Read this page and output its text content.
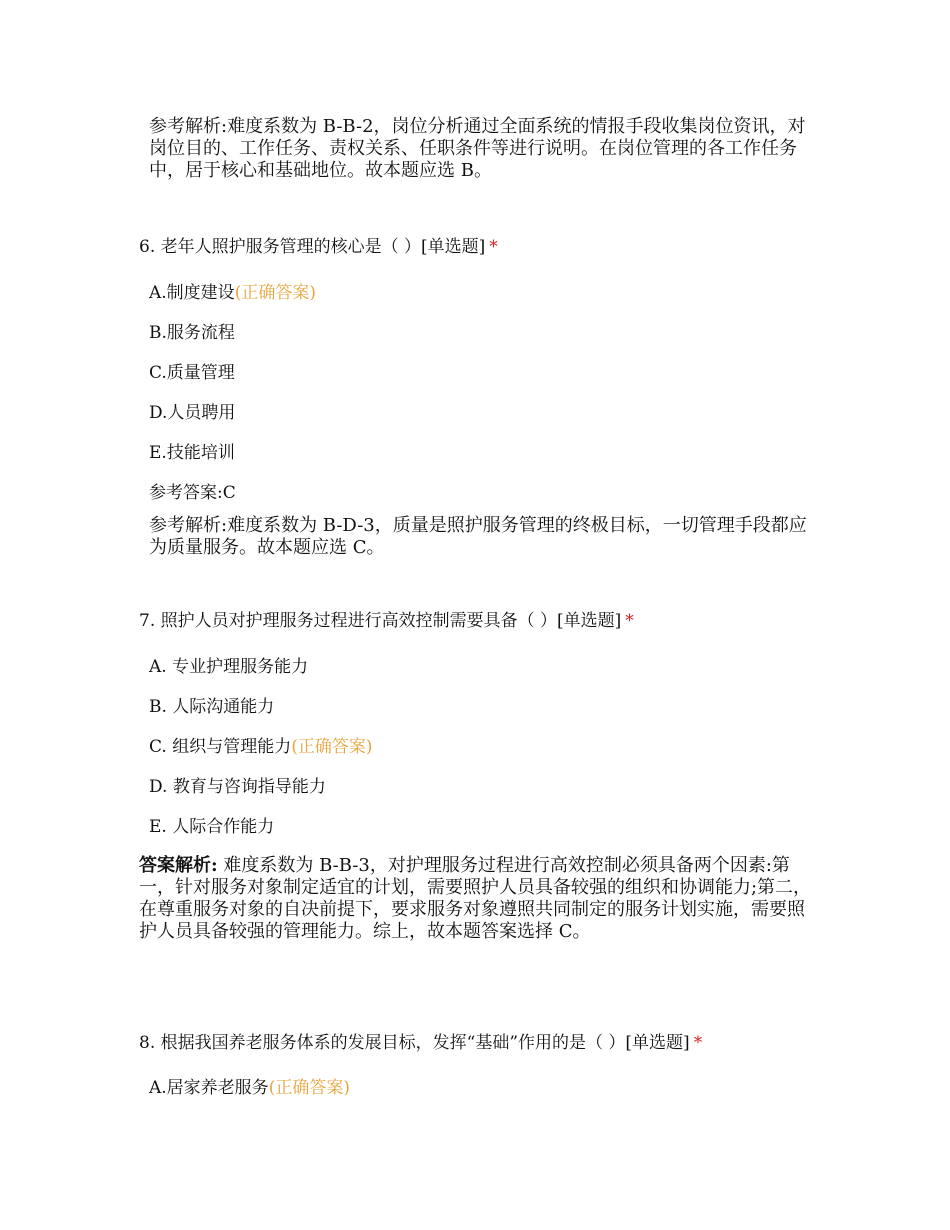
参考解析:难度系数为 B-B-2，岗位分析通过全面系统的情报手段收集岗位资讯，对岗位目的、工作任务、责权关系、任职条件等进行说明。在岗位管理的各工作任务中，居于核心和基础地位。故本题应选 B。
6. 老年人照护服务管理的核心是（ ）[单选题] *
A.制度建设(正确答案)
B.服务流程
C.质量管理
D.人员聘用
E.技能培训
参考答案:C
参考解析:难度系数为 B-D-3，质量是照护服务管理的终极目标，一切管理手段都应为质量服务。故本题应选 C。
7. 照护人员对护理服务过程进行高效控制需要具备（ ）[单选题] *
A. 专业护理服务能力
B. 人际沟通能力
C. 组织与管理能力(正确答案)
D. 教育与咨询指导能力
E. 人际合作能力
答案解析: 难度系数为 B-B-3，对护理服务过程进行高效控制必须具备两个因素:第一，针对服务对象制定适宜的计划，需要照护人员具备较强的组织和协调能力;第二，在尊重服务对象的自决前提下，要求服务对象遵照共同制定的服务计划实施，需要照护人员具备较强的管理能力。综上，故本题答案选择 C。
8. 根据我国养老服务体系的发展目标，发挥“基础”作用的是（ ）[单选题] *
A.居家养老服务(正确答案)
